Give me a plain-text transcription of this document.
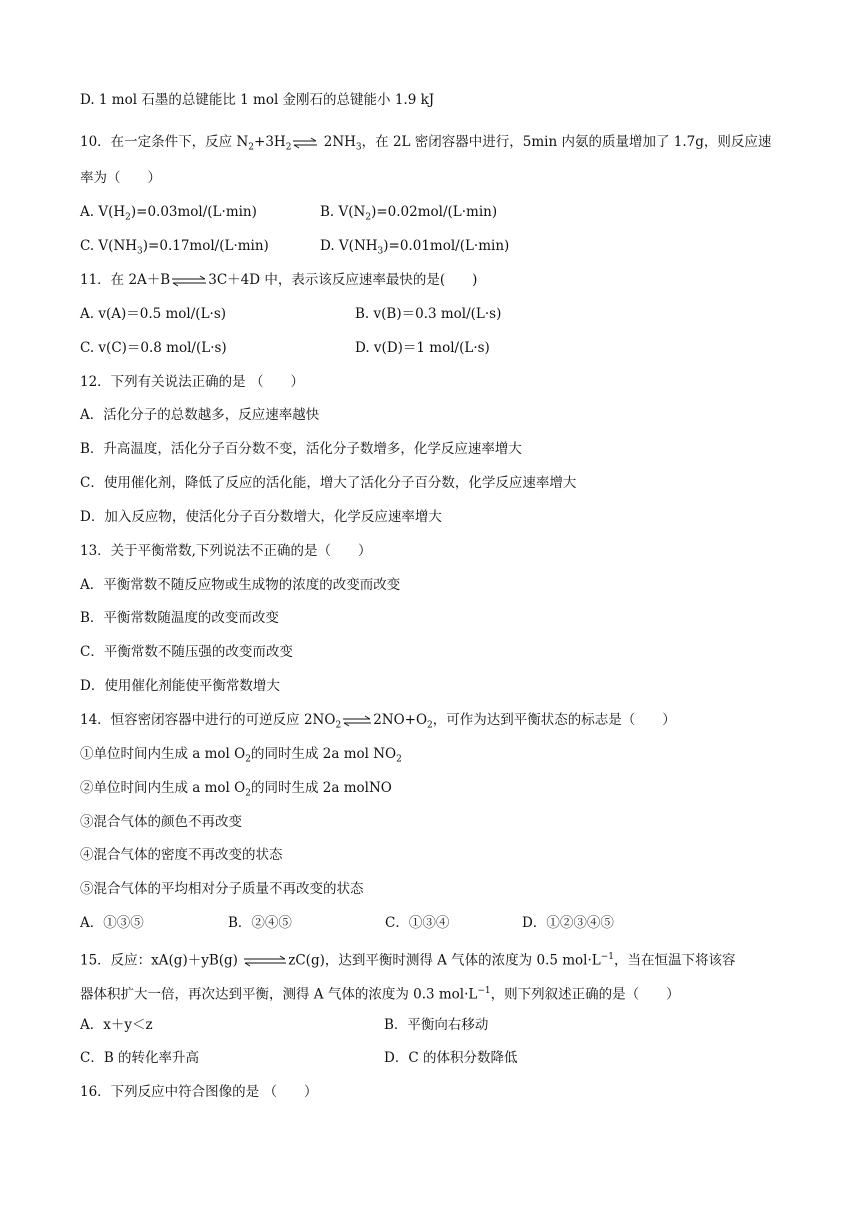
D. 1 mol 石墨的总键能比 1 mol 金刚石的总键能小 1.9 kJ
10．在一定条件下，反应 $N_2+3H_2\rightleftharpoons$ $2NH_3$，在 2L 密闭容器中进行，5min 内氨的质量增加了 1.7g，则反应速
率为（　　）
A. $V(H_2)=0.03mol/(L\cdot\min)$	B. $V(N_2)=0.02mol/(L\cdot\min)$
C. $V(NH_3)=0.17mol/(L\cdot\min)$	D. $V(NH_3)=0.01mol/(L\cdot\min)$
11．在 2A＋B⇌3C＋4D 中，表示该反应速率最快的是(　　)
A. v(A)＝0.5 mol/(L·s)	B. v(B)＝0.3 mol/(L·s)
C. v(C)＝0.8 mol/(L·s)	D. v(D)＝1 mol/(L·s)
12．下列有关说法正确的是 （　　）
A．活化分子的总数越多，反应速率越快
B．升高温度，活化分子百分数不变，活化分子数增多，化学反应速率增大
C．使用催化剂，降低了反应的活化能，增大了活化分子百分数，化学反应速率增大
D．加入反应物，使活化分子百分数增大，化学反应速率增大
13．关于平衡常数,下列说法不正确的是（　　）
A．平衡常数不随反应物或生成物的浓度的改变而改变
B．平衡常数随温度的改变而改变
C．平衡常数不随压强的改变而改变
D．使用催化剂能使平衡常数增大
14．恒容密闭容器中进行的可逆反应 $2NO_2\rightleftharpoons 2NO+O_2$，可作为达到平衡状态的标志是（　　）
①单位时间内生成 a mol $O_2$的同时生成 2a mol $NO_2$
②单位时间内生成 a mol $O_2$的同时生成 2a molNO
③混合气体的颜色不再改变
④混合气体的密度不再改变的状态
⑤混合气体的平均相对分子质量不再改变的状态
A．①③⑤	B．②④⑤	C．①③④	D．①②③④⑤
15．反应：xA(g)＋yB(g) ⇌zC(g)，达到平衡时测得 A 气体的浓度为 0.5 $mol\cdot L^{-1}$，当在恒温下将该容
器体积扩大一倍，再次达到平衡，测得 A 气体的浓度为 0.3 $mol\cdot L^{-1}$，则下列叙述正确的是（　　）
A．x＋y＜z	B．平衡向右移动
C．B 的转化率升高	D．C 的体积分数降低
16．下列反应中符合图像的是 （　　）
